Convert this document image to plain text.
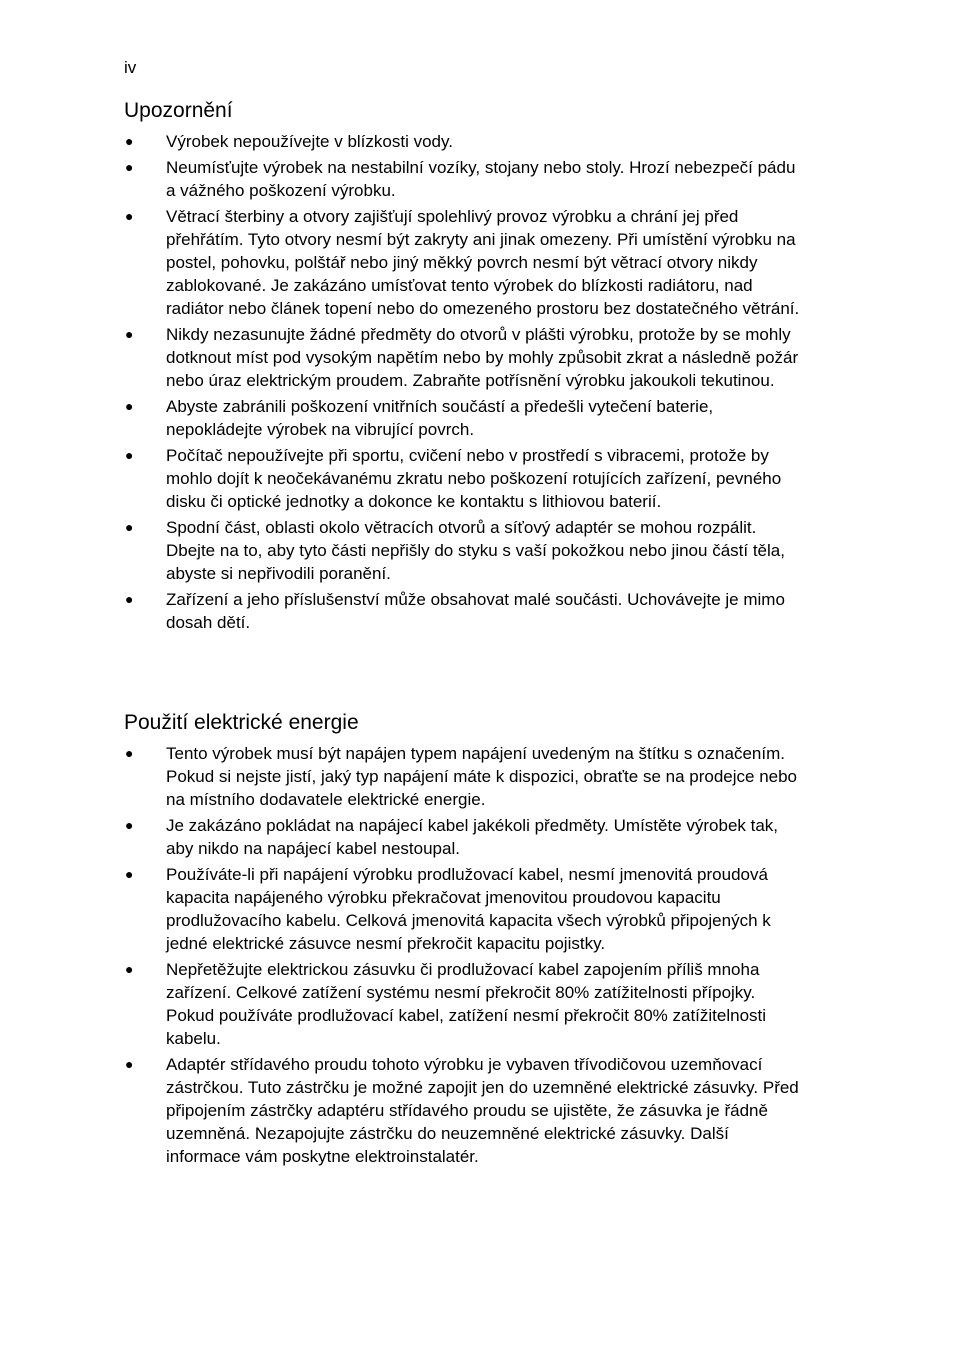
iv
Upozornění
● Výrobek nepoužívejte v blízkosti vody.
● Neumísťujte výrobek na nestabilní vozíky, stojany nebo stoly. Hrozí nebezpečí pádu a vážného poškození výrobku.
● Větrací šterbiny a otvory zajišťují spolehlivý provoz výrobku a chrání jej před přehřátím. Tyto otvory nesmí být zakryty ani jinak omezeny. Při umístění výrobku na postel, pohovku, polštář nebo jiný měkký povrch nesmí být větrací otvory nikdy zablokované. Je zakázáno umísťovat tento výrobek do blízkosti radiátoru, nad radiátor nebo článek topení nebo do omezeného prostoru bez dostatečného větrání.
● Nikdy nezasunujte žádné předměty do otvorů v plášti výrobku, protože by se mohly dotknout míst pod vysokým napětím nebo by mohly způsobit zkrat a následně požár nebo úraz elektrickým proudem. Zabraňte potřísnění výrobku jakoukoli tekutinou.
● Abyste zabránili poškození vnitřních součástí a předešli vytečení baterie, nepokládejte výrobek na vibrující povrch.
● Počítač nepoužívejte při sportu, cvičení nebo v prostředí s vibracemi, protože by mohlo dojít k neočekávanému zkratu nebo poškození rotujících zařízení, pevného disku či optické jednotky a dokonce ke kontaktu s lithiovou baterií.
● Spodní část, oblasti okolo větracích otvorů a síťový adaptér se mohou rozpálit. Dbejte na to, aby tyto části nepřišly do styku s vaší pokožkou nebo jinou částí těla, abyste si nepřivodili poranění.
● Zařízení a jeho příslušenství může obsahovat malé součásti. Uchovávejte je mimo dosah dětí.
Použití elektrické energie
● Tento výrobek musí být napájen typem napájení uvedeným na štítku s označením. Pokud si nejste jistí, jaký typ napájení máte k dispozici, obraťte se na prodejce nebo na místního dodavatele elektrické energie.
● Je zakázáno pokládat na napájecí kabel jakékoli předměty. Umístěte výrobek tak, aby nikdo na napájecí kabel nestoupal.
● Používáte-li při napájení výrobku prodlužovací kabel, nesmí jmenovitá proudová kapacita napájeného výrobku překračovat jmenovitou proudovou kapacitu prodlužovacího kabelu. Celková jmenovitá kapacita všech výrobků připojených k jedné elektrické zásuvce nesmí překročit kapacitu pojistky.
● Nepřetěžujte elektrickou zásuvku či prodlužovací kabel zapojením příliš mnoha zařízení. Celkové zatížení systému nesmí překročit 80% zatížitelnosti přípojky. Pokud používáte prodlužovací kabel, zatížení nesmí překročit 80% zatížitelnosti kabelu.
● Adaptér střídavého proudu tohoto výrobku je vybaven třívodičovou uzemňovací zástrčkou. Tuto zástrčku je možné zapojit jen do uzemněné elektrické zásuvky. Před připojením zástrčky adaptéru střídavého proudu se ujistěte, že zásuvka je řádně uzemněná. Nezapojujte zástrčku do neuzemněné elektrické zásuvky. Další informace vám poskytne elektroinstalatér.
